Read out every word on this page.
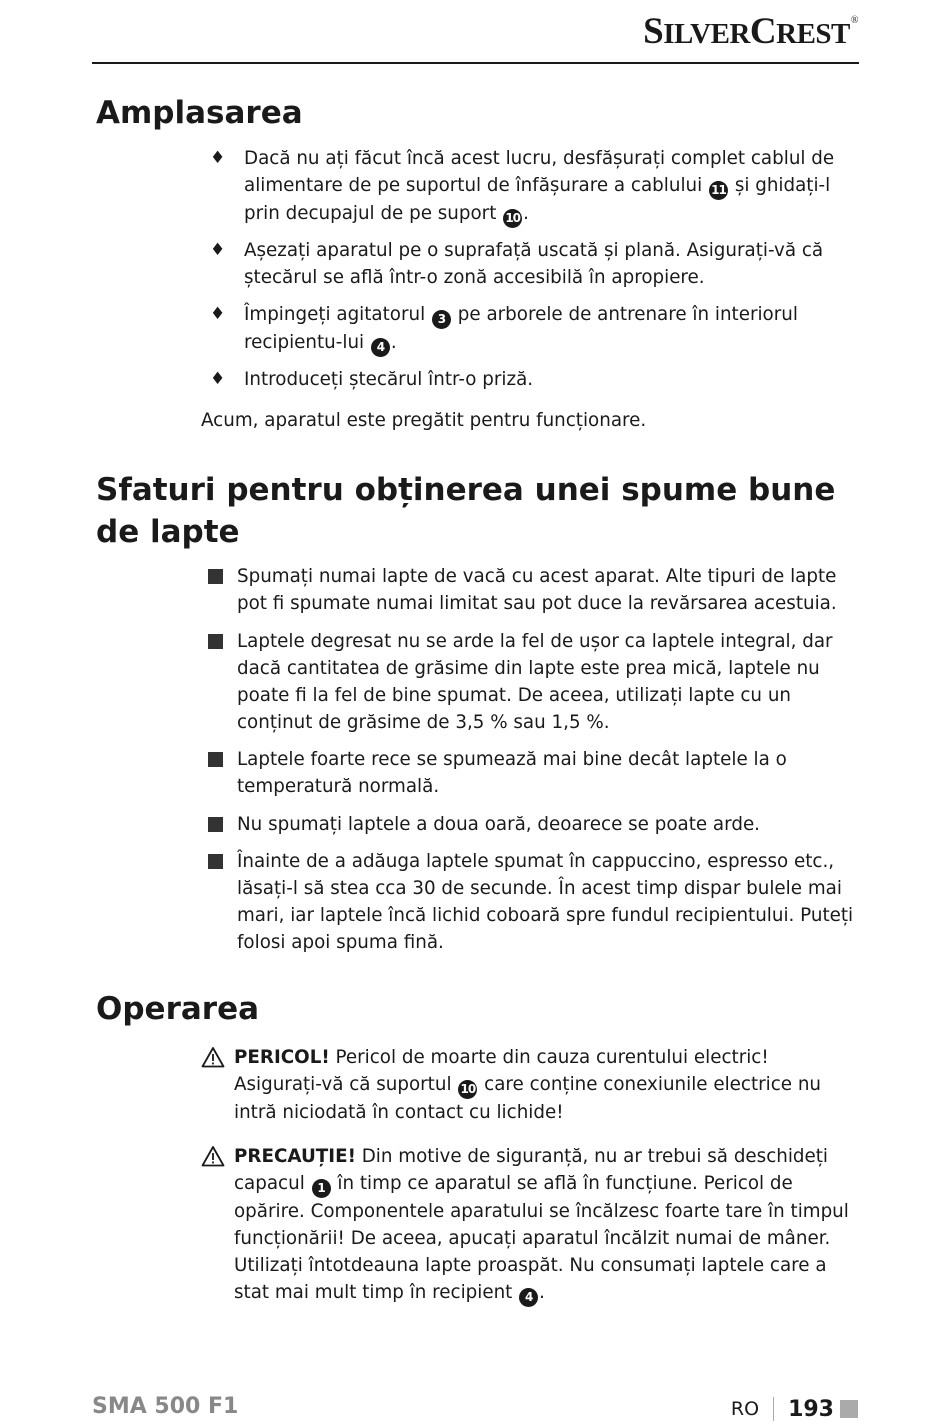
SILVERCREST®
Amplasarea
♦ Dacă nu ați făcut încă acest lucru, desfășurați complet cablul de alimentare de pe suportul de înfășurare a cablului 11 și ghidați-l prin decupajul de pe suport 10 .
♦ Așezați aparatul pe o suprafață uscată și plană. Asigurați-vă că ștecărul se află într-o zonă accesibilă în apropiere.
♦ Împingeți agitatorul 3 pe arborele de antrenare în interiorul recipientu-lui 4 .
♦ Introduceți ștecărul într-o priză.
Acum, aparatul este pregătit pentru funcționare.
Sfaturi pentru obținerea unei spume bune
de lapte
Spumați numai lapte de vacă cu acest aparat. Alte tipuri de lapte pot fi spumate numai limitat sau pot duce la revărsarea acestuia.
Laptele degresat nu se arde la fel de ușor ca laptele integral, dar dacă cantitatea de grăsime din lapte este prea mică, laptele nu poate fi la fel de bine spumat. De aceea, utilizați lapte cu un conținut de grăsime de 3,5 % sau 1,5 %.
Laptele foarte rece se spumează mai bine decât laptele la o temperatură normală.
Nu spumați laptele a doua oară, deoarece se poate arde.
Înainte de a adăuga laptele spumat în cappuccino, espresso etc., lăsați-l să stea cca 30 de secunde. În acest timp dispar bulele mai mari, iar laptele încă lichid coboară spre fundul recipientului. Puteți folosi apoi spuma fină.
Operarea
PERICOL! Pericol de moarte din cauza curentului electric! Asigurați-vă că suportul 10 care conține conexiunile electrice nu intră niciodată în contact cu lichide!
PRECAUȚIE! Din motive de siguranță, nu ar trebui să deschideți capacul 1 în timp ce aparatul se află în funcțiune. Pericol de opărire. Componentele aparatului se încălzesc foarte tare în timpul funcționării! De aceea, apucați aparatul încălzit numai de mâner.
Utilizați întotdeauna lapte proaspăt. Nu consumați laptele care a stat mai mult timp în recipient 4 .
SMA 500 F1	RO 193
